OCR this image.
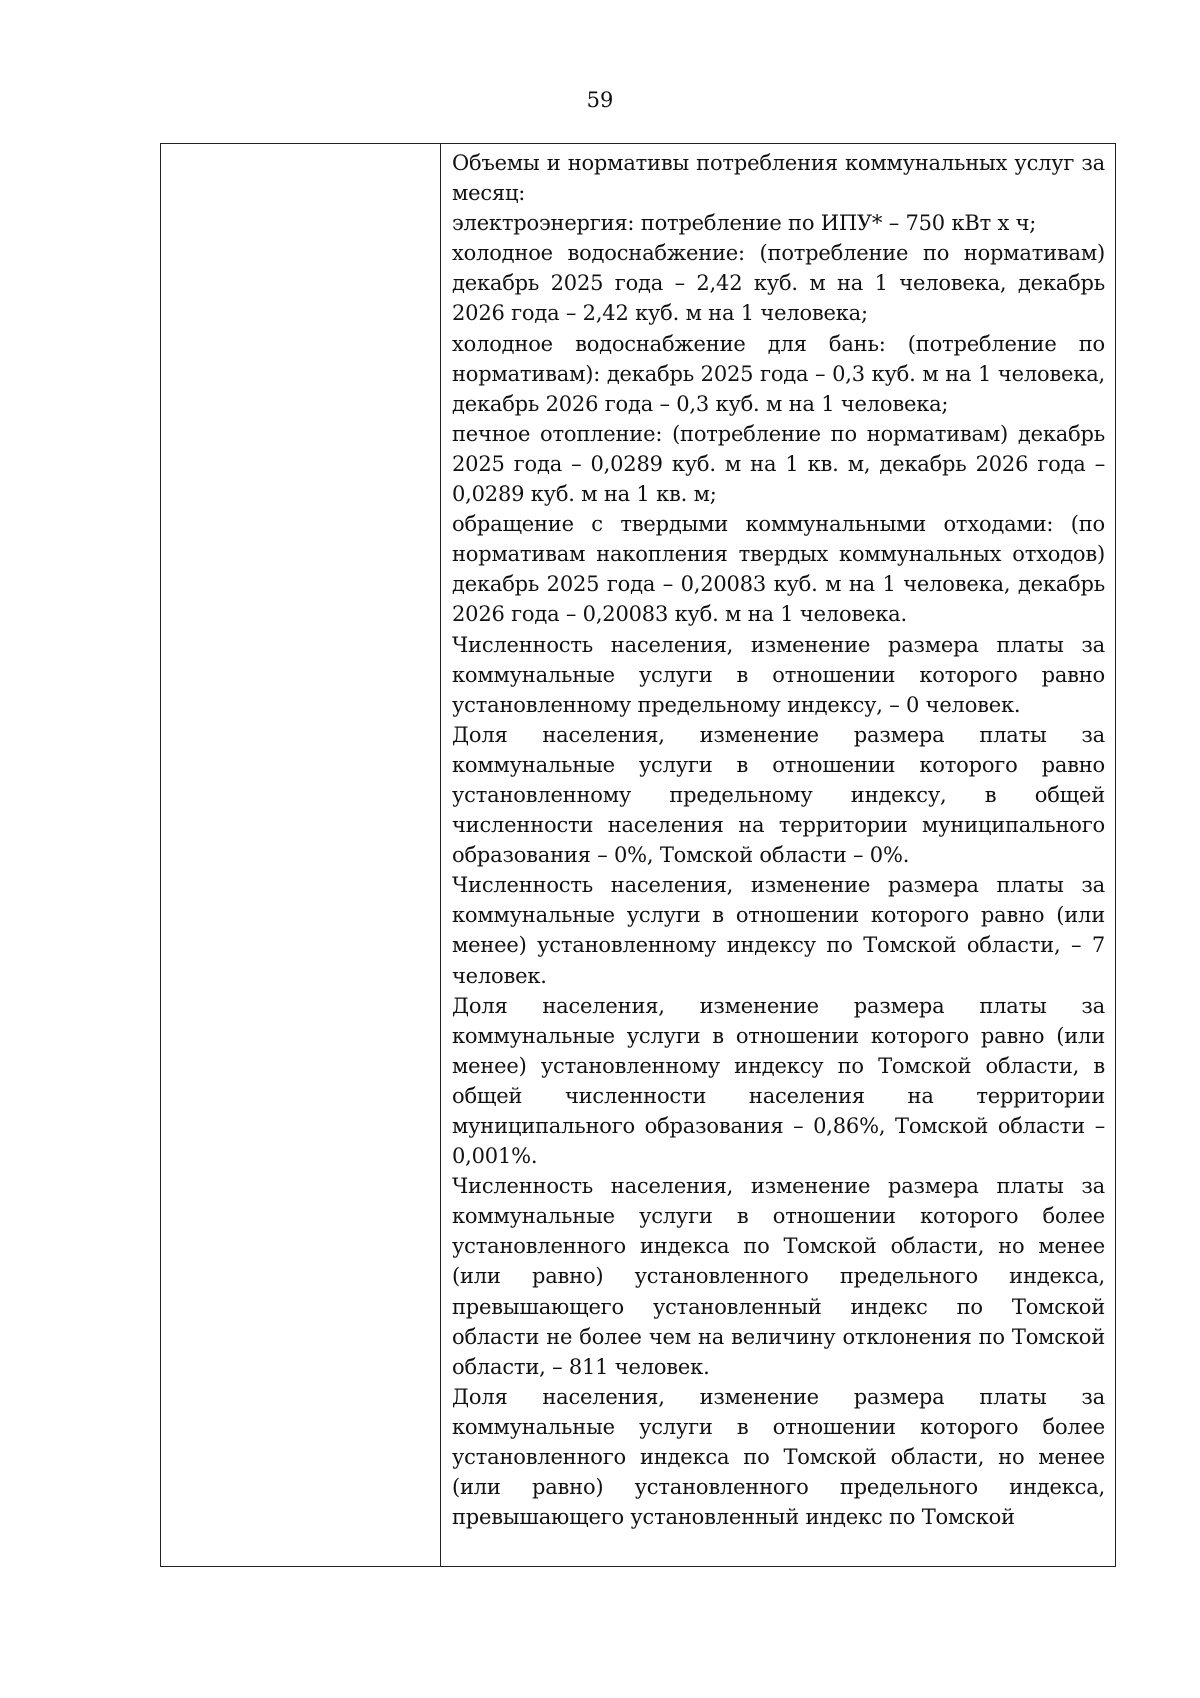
59

Объемы и нормативы потребления коммунальных услуг за месяц:

электроэнергия: потребление по ИПУ* – 750 кВт х ч;

холодное водоснабжение: (потребление по нормативам) декабрь 2025 года – 2,42 куб. м на 1 человека, декабрь 2026 года – 2,42 куб. м на 1 человека;

холодное водоснабжение для бань: (потребление по нормативам): декабрь 2025 года – 0,3 куб. м на 1 человека, декабрь 2026 года – 0,3 куб. м на 1 человека;

печное отопление: (потребление по нормативам) декабрь 2025 года – 0,0289 куб. м на 1 кв. м, декабрь 2026 года – 0,0289 куб. м на 1 кв. м;

обращение с твердыми коммунальными отходами: (по нормативам накопления твердых коммунальных отходов) декабрь 2025 года – 0,20083 куб. м на 1 человека, декабрь 2026 года – 0,20083 куб. м на 1 человека.

Численность населения, изменение размера платы за коммунальные услуги в отношении которого равно установленному предельному индексу, – 0 человек.

Доля населения, изменение размера платы за коммунальные услуги в отношении которого равно установленному предельному индексу, в общей численности населения на территории муниципального образования – 0%, Томской области – 0%.

Численность населения, изменение размера платы за коммунальные услуги в отношении которого равно (или менее) установленному индексу по Томской области, – 7 человек.

Доля населения, изменение размера платы за коммунальные услуги в отношении которого равно (или менее) установленному индексу по Томской области, в общей численности населения на территории муниципального образования – 0,86%, Томской области – 0,001%.

Численность населения, изменение размера платы за коммунальные услуги в отношении которого более установленного индекса по Томской области, но менее (или равно) установленного предельного индекса, превышающего установленный индекс по Томской области не более чем на величину отклонения по Томской области, – 811 человек.

Доля населения, изменение размера платы за коммунальные услуги в отношении которого более установленного индекса по Томской области, но менее (или равно) установленного предельного индекса, превышающего установленный индекс по Томской
